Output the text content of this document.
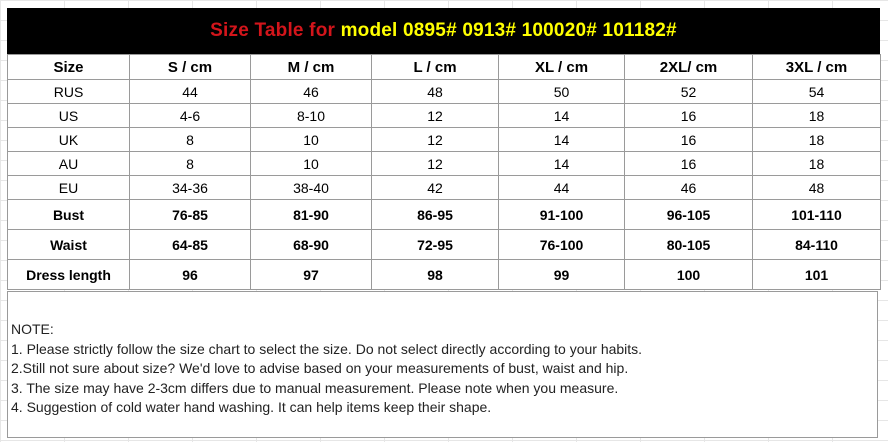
Size Table for
model 0895# 0913# 100020# 101182#
Size	S / cm	M / cm	L / cm	XL / cm	2XL/ cm	3XL / cm
RUS	44	46	48	50	52	54
US	4-6	8-10	12	14	16	18
UK	8	10	12	14	16	18
AU	8	10	12	14	16	18
EU	34-36	38-40	42	44	46	48
Bust	76-85	81-90	86-95	91-100	96-105	101-110
Waist	64-85	68-90	72-95	76-100	80-105	84-110
Dress length	96	97	98	99	100	101
NOTE:
1. Please strictly follow the size chart to select the size. Do not select directly according to your habits.
2.Still not sure about size? We'd love to advise based on your measurements of bust, waist and hip.
3. The size may have 2-3cm differs due to manual measurement. Please note when you measure.
4. Suggestion of cold water hand washing. It can help items keep their shape.
